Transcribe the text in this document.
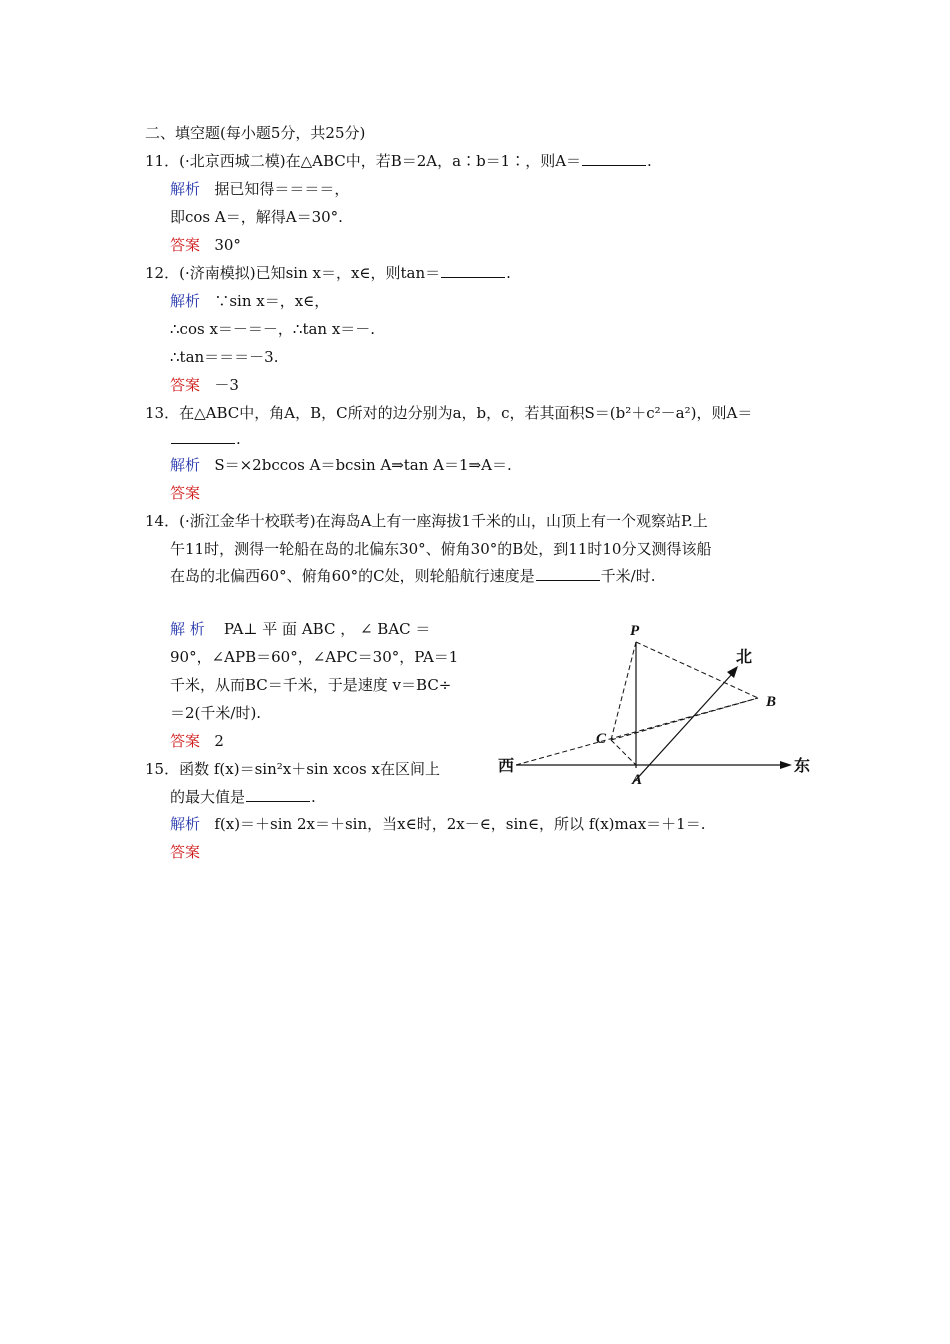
二、填空题(每小题5分，共25分)
11．(·北京西城二模)在△ABC中，若B＝2A，a∶b＝1∶，则A＝	.
解析 据已知得＝＝＝＝，
即cos A＝，解得A＝30°.
答案 30°
12．(·济南模拟)已知sin x＝，x∈，则tan＝	.
解析 ∵sin x＝，x∈，
∴cos x＝－＝－，∴tan x＝－.
∴tan＝＝＝－3.
答案 －3
13．在△ABC中，角A，B，C所对的边分别为a，b，c，若其面积S＝(b²＋c²－a²)，则A＝
.
解析 S＝×2bccos A＝bcsin A⇒tan A＝1⇒A＝.
答案
14．(·浙江金华十校联考)在海岛A上有一座海拔1千米的山，山顶上有一个观察站P.上
午11时，测得一轮船在岛的北偏东30°、俯角30°的B处，到11时10分又测得该船
在岛的北偏西60°、俯角60°的C处，则轮船航行速度是	千米/时.
解 析 PA⊥ 平 面 ABC ， ∠ BAC ＝
90°，∠APB＝60°，∠APC＝30°，PA＝1
千米，从而BC＝千米，于是速度 v＝BC÷
＝2(千米/时).
答案 2
P
B
C
A
北
西	东
15．函数 f(x)＝sin²x＋sin xcos x在区间上
的最大值是	.
解析 f(x)＝＋sin 2x＝＋sin，当x∈时，2x－∈，sin∈，所以 f(x)max＝＋1＝.
答案
